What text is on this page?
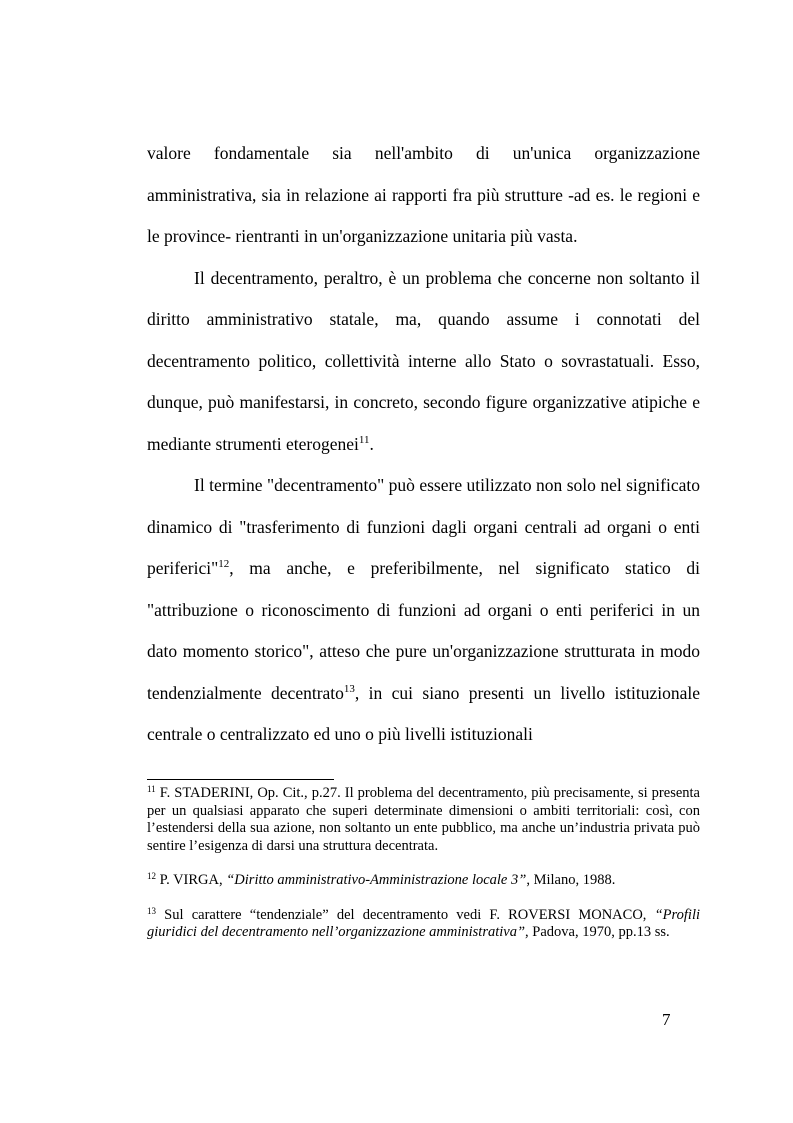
valore fondamentale sia nell'ambito di un'unica organizzazione amministrativa, sia in relazione ai rapporti fra più strutture -ad es. le regioni e le province- rientranti in un'organizzazione unitaria più vasta.

Il decentramento, peraltro, è un problema che concerne non soltanto il diritto amministrativo statale, ma, quando assume i connotati del decentramento politico, collettività interne allo Stato o sovrastatuali. Esso, dunque, può manifestarsi, in concreto, secondo figure organizzative atipiche e mediante strumenti eterogenei$^{11}$.

Il termine "decentramento" può essere utilizzato non solo nel significato dinamico di "trasferimento di funzioni dagli organi centrali ad organi o enti periferici"$^{12}$, ma anche, e preferibilmente, nel significato statico di "attribuzione o riconoscimento di funzioni ad organi o enti periferici in un dato momento storico", atteso che pure un'organizzazione strutturata in modo tendenzialmente decentrato$^{13}$, in cui siano presenti un livello istituzionale centrale o centralizzato ed uno o più livelli istituzionali

$^{11}$ F. STADERINI, Op. Cit., p.27. Il problema del decentramento, più precisamente, si presenta per un qualsiasi apparato che superi determinate dimensioni o ambiti territoriali: così, con l’estendersi della sua azione, non soltanto un ente pubblico, ma anche un’industria privata può sentire l’esigenza di darsi una struttura decentrata.

$^{12}$ P. VIRGA, “Diritto amministrativo-Amministrazione locale 3”, Milano, 1988.

$^{13}$ Sul carattere “tendenziale” del decentramento vedi F. ROVERSI MONACO, “Profili giuridici del decentramento nell’organizzazione amministrativa”, Padova, 1970, pp.13 ss.

7
